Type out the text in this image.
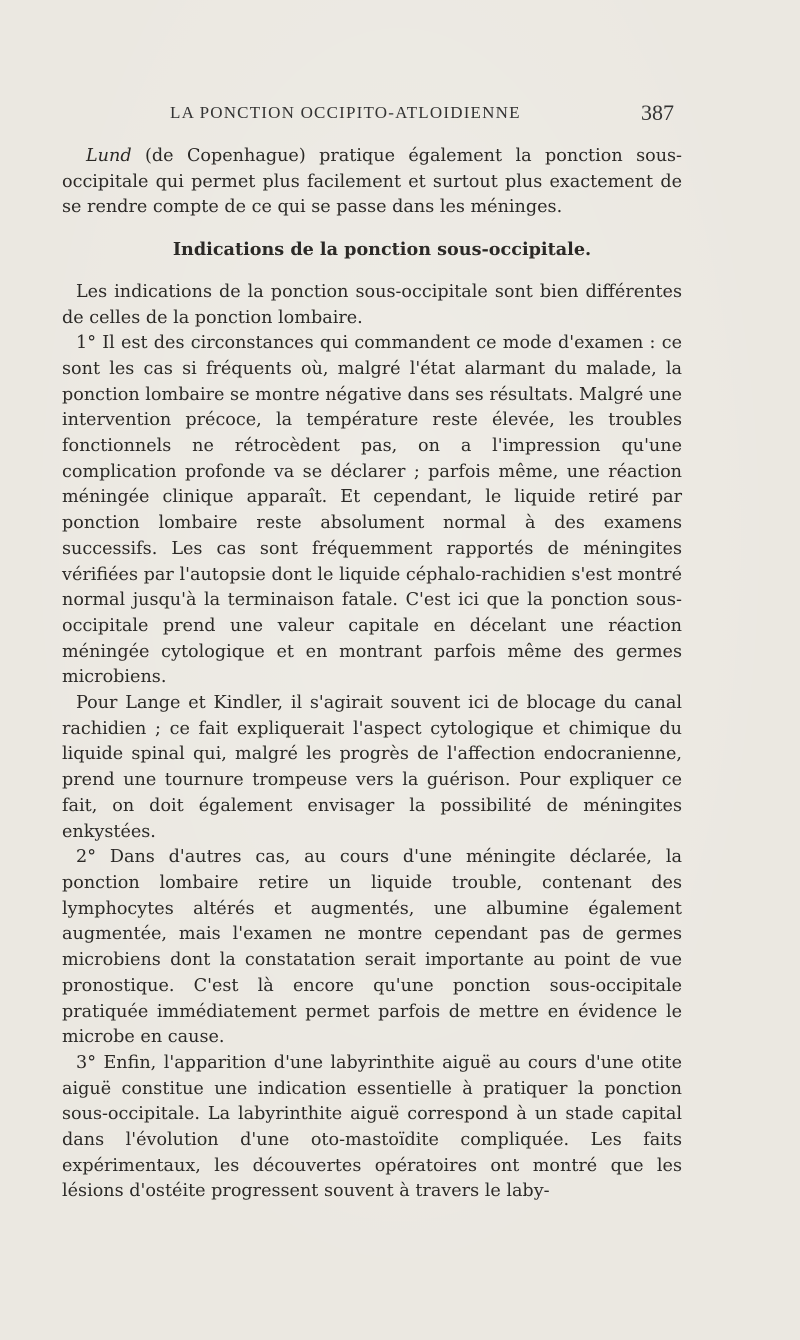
LA PONCTION OCCIPITO-ATLOIDIENNE	387

Lund (de Copenhague) pratique également la ponction sous-occipitale qui permet plus facilement et surtout plus exactement de se rendre compte de ce qui se passe dans les méninges.

Indications de la ponction sous-occipitale.

Les indications de la ponction sous-occipitale sont bien différentes de celles de la ponction lombaire.

1° Il est des circonstances qui commandent ce mode d'examen : ce sont les cas si fréquents où, malgré l'état alarmant du malade, la ponction lombaire se montre négative dans ses résultats. Malgré une intervention précoce, la température reste élevée, les troubles fonctionnels ne rétrocèdent pas, on a l'impression qu'une complication profonde va se déclarer ; parfois même, une réaction méningée clinique apparaît. Et cependant, le liquide retiré par ponction lombaire reste absolument normal à des examens successifs. Les cas sont fréquemment rapportés de méningites vérifiées par l'autopsie dont le liquide céphalo-rachidien s'est montré normal jusqu'à la terminaison fatale. C'est ici que la ponction sous-occipitale prend une valeur capitale en décelant une réaction méningée cytologique et en montrant parfois même des germes microbiens.

Pour Lange et Kindler, il s'agirait souvent ici de blocage du canal rachidien ; ce fait expliquerait l'aspect cytologique et chimique du liquide spinal qui, malgré les progrès de l'affection endocranienne, prend une tournure trompeuse vers la guérison. Pour expliquer ce fait, on doit également envisager la possibilité de méningites enkystées.

2° Dans d'autres cas, au cours d'une méningite déclarée, la ponction lombaire retire un liquide trouble, contenant des lymphocytes altérés et augmentés, une albumine également augmentée, mais l'examen ne montre cependant pas de germes microbiens dont la constatation serait importante au point de vue pronostique. C'est là encore qu'une ponction sous-occipitale pratiquée immédiatement permet parfois de mettre en évidence le microbe en cause.

3° Enfin, l'apparition d'une labyrinthite aiguë au cours d'une otite aiguë constitue une indication essentielle à pratiquer la ponction sous-occipitale. La labyrinthite aiguë correspond à un stade capital dans l'évolution d'une oto-mastoïdite compliquée. Les faits expérimentaux, les découvertes opératoires ont montré que les lésions d'ostéite progressent souvent à travers le laby-
